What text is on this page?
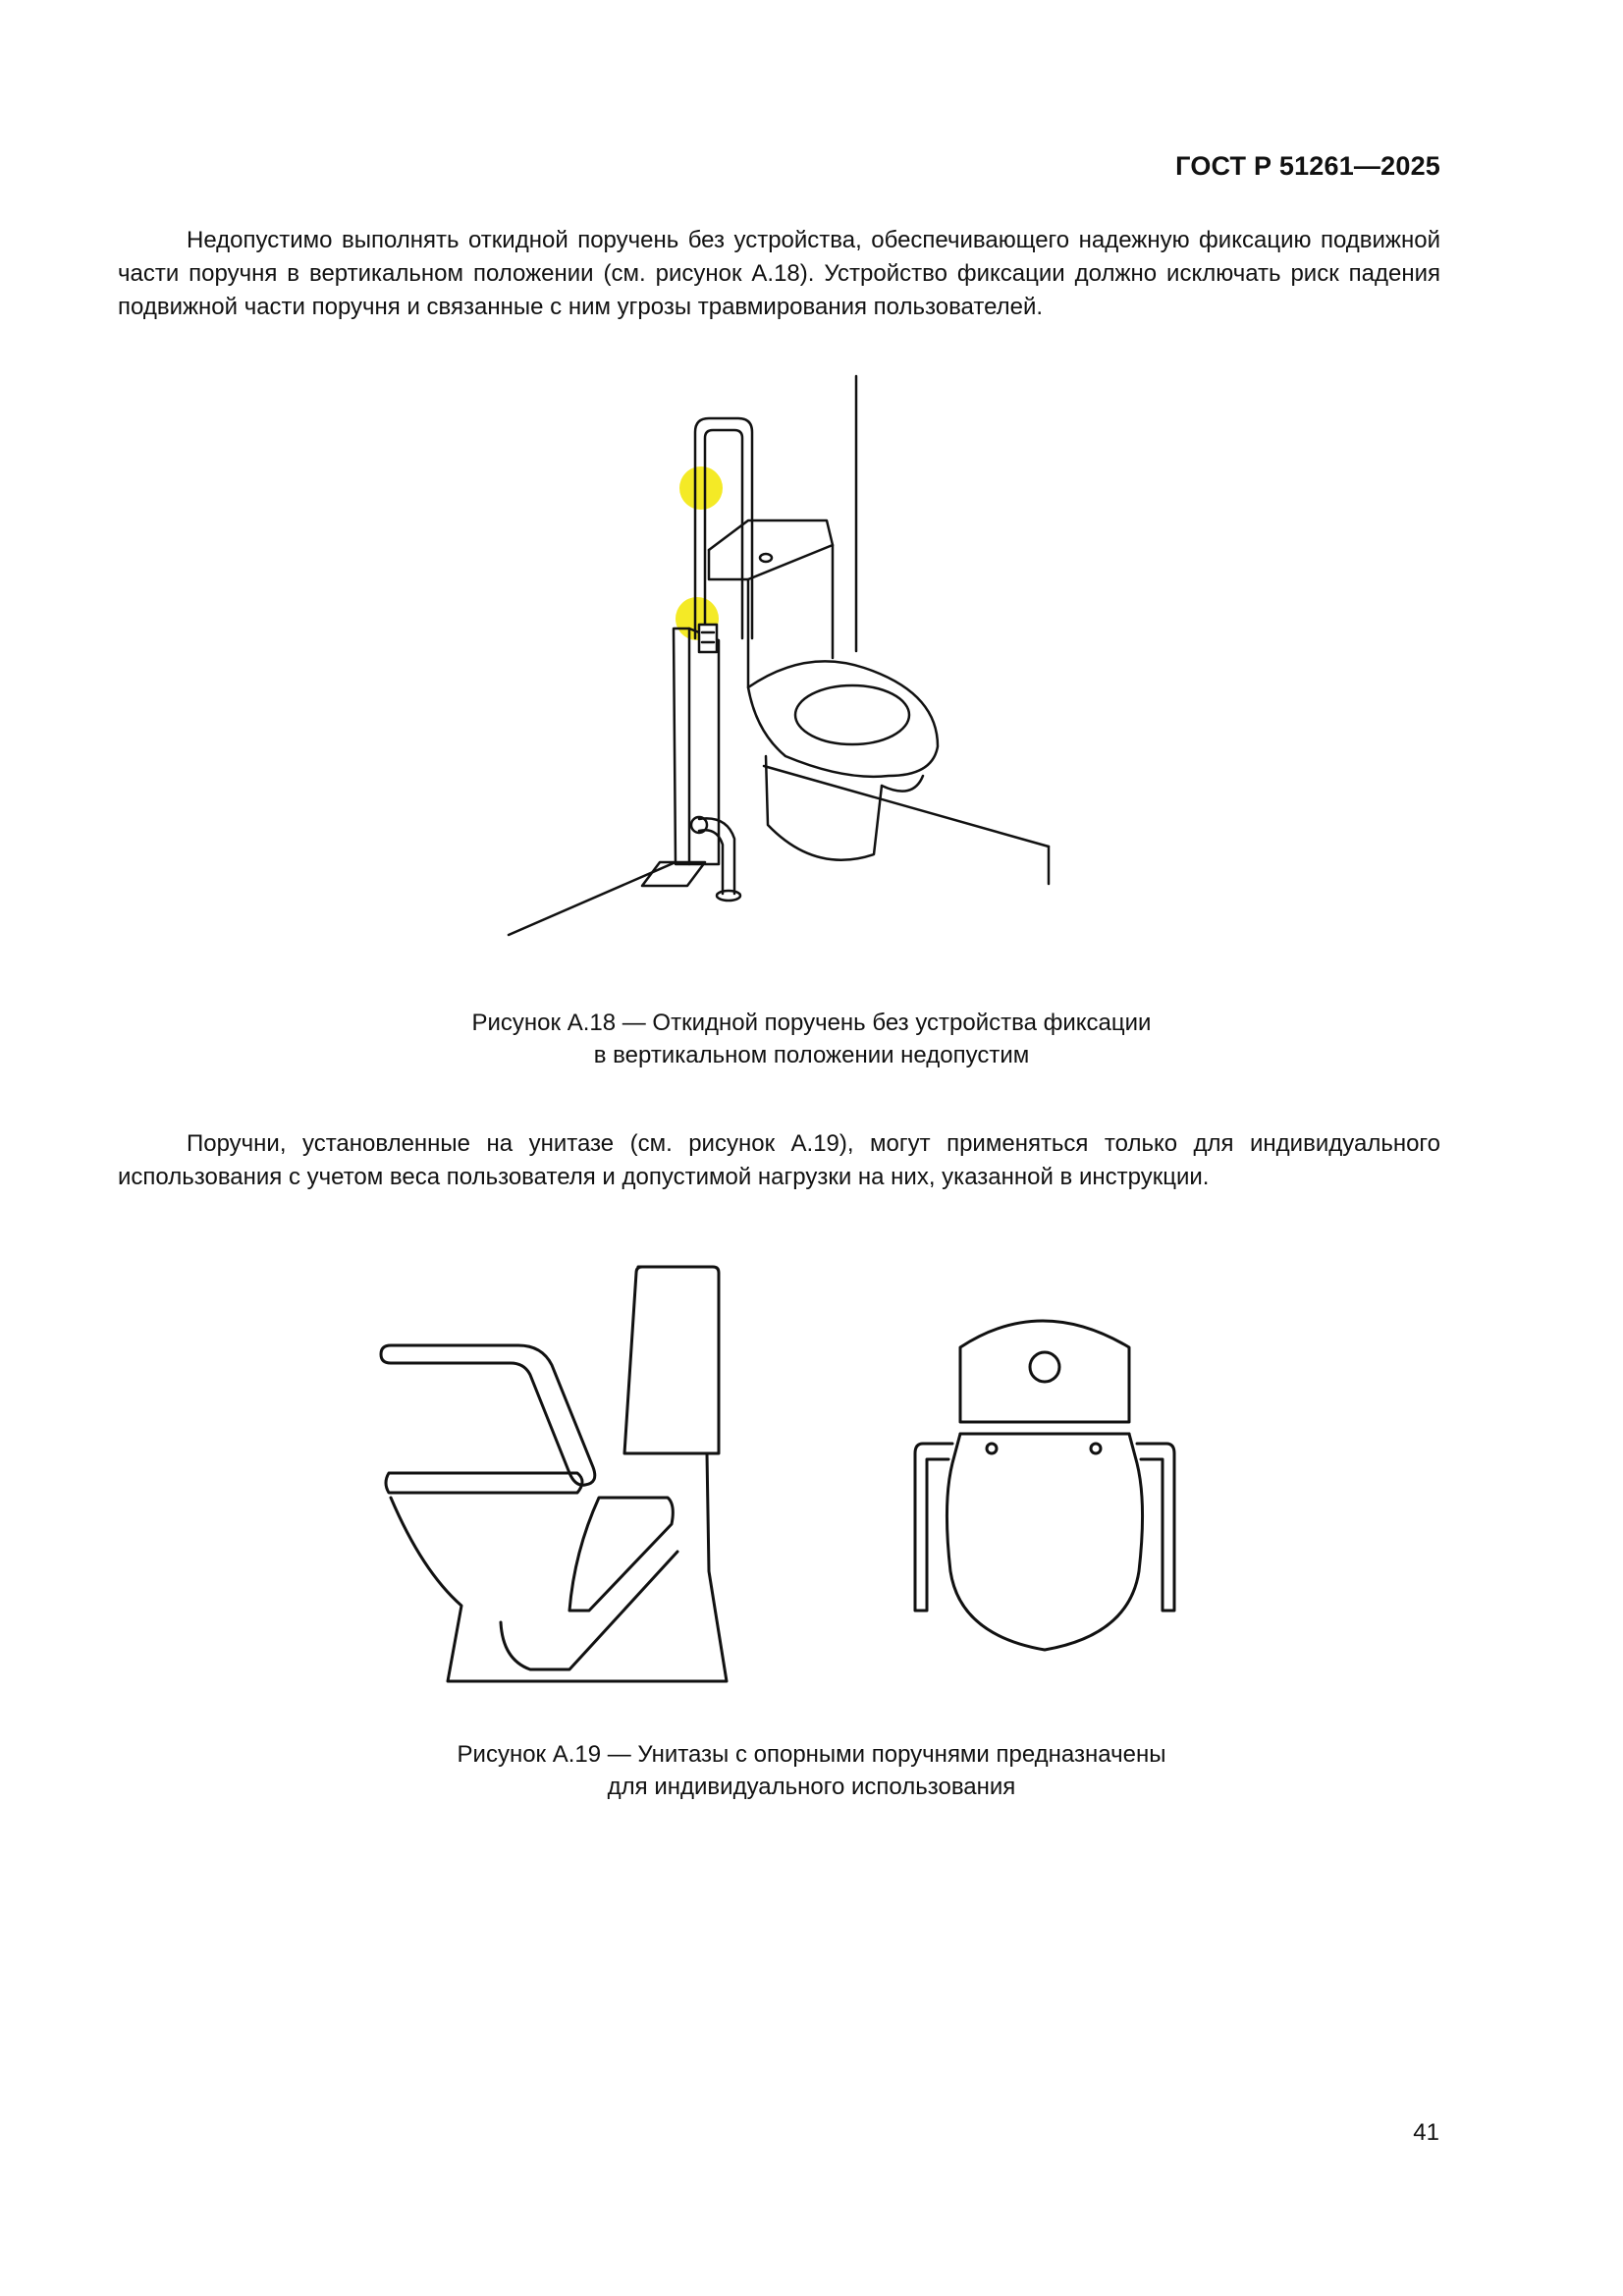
ГОСТ Р 51261—2025

Недопустимо выполнять откидной поручень без устройства, обеспечивающего надежную фиксацию подвижной части поручня в вертикальном положении (см. рисунок А.18). Устройство фиксации должно исключать риск падения подвижной части поручня и связанные с ним угрозы травмирования пользователей.

Рисунок А.18 — Откидной поручень без устройства фиксации
в вертикальном положении недопустим

Поручни, установленные на унитазе (см. рисунок А.19), могут применяться только для индивидуального использования с учетом веса пользователя и допустимой нагрузки на них, указанной в инструкции.

Рисунок А.19 — Унитазы с опорными поручнями предназначены
для индивидуального использования
41
